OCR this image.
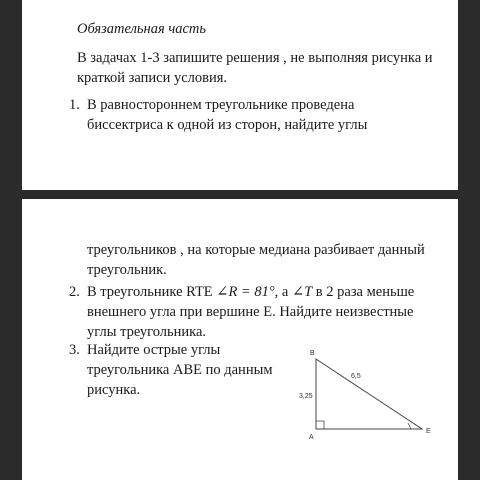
Обязательная часть
В задачах 1-3 запишите решения , не выполняя рисунка и
краткой записи условия.
1. В равностороннем треугольнике проведена
биссектриса к одной из сторон, найдите углы
треугольников , на которые медиана разбивает данный
треугольник.
2. В треугольнике RTE ∠R = 81°, а ∠T в 2 раза меньше
внешнего угла при вершине Е. Найдите неизвестные
углы треугольника.
3. Найдите острые углы
треугольника АВЕ по данным
рисунка.
B
A
E
3,25
6,5
